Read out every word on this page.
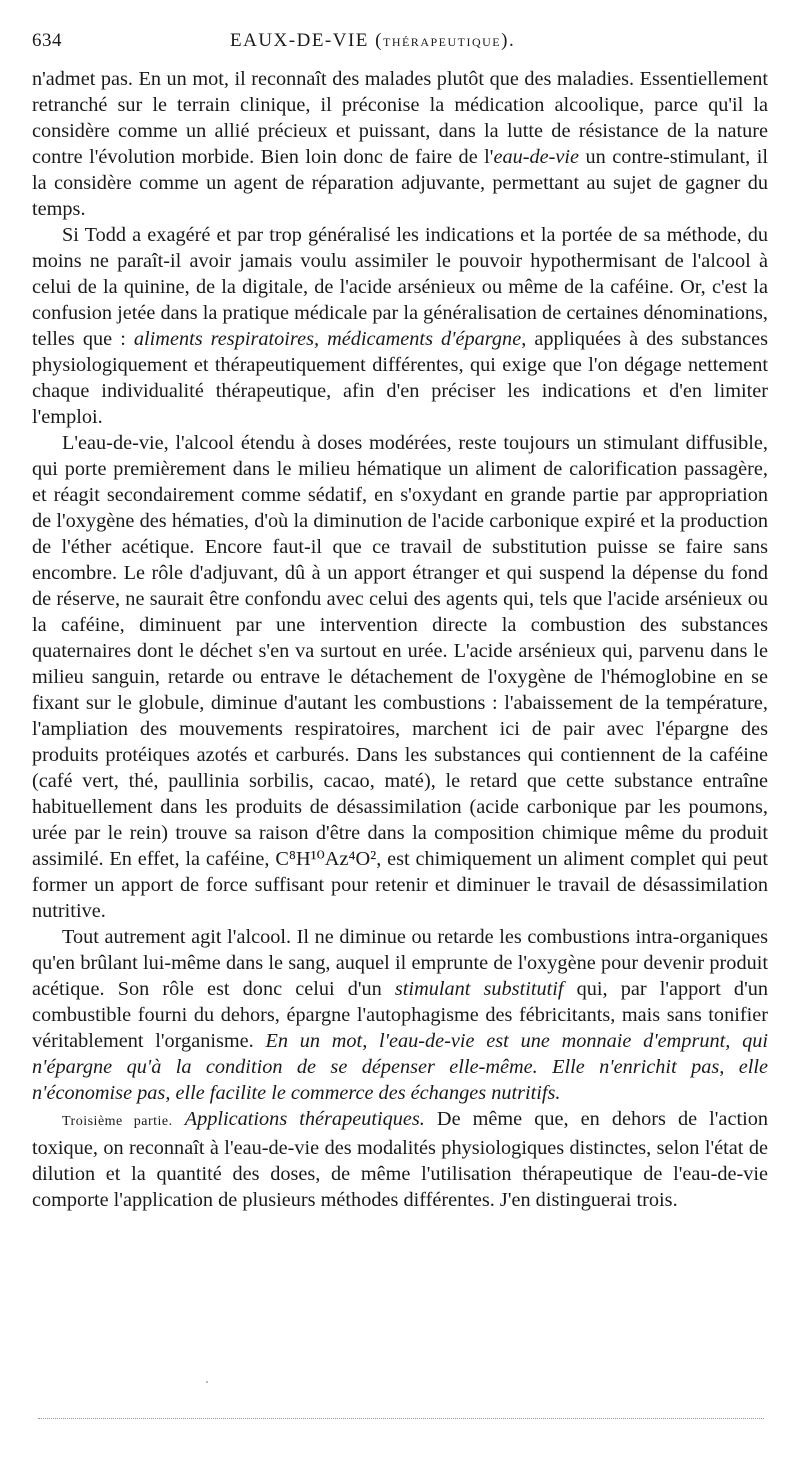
634	EAUX-DE-VIE (THÉRAPEUTIQUE).

n'admet pas. En un mot, il reconnaît des malades plutôt que des maladies. Essentiellement retranché sur le terrain clinique, il préconise la médication alcoolique, parce qu'il la considère comme un allié précieux et puissant, dans la lutte de résistance de la nature contre l'évolution morbide. Bien loin donc de faire de l'eau-de-vie un contre-stimulant, il la considère comme un agent de réparation adjuvante, permettant au sujet de gagner du temps.

Si Todd a exagéré et par trop généralisé les indications et la portée de sa méthode, du moins ne paraît-il avoir jamais voulu assimiler le pouvoir hypothermisant de l'alcool à celui de la quinine, de la digitale, de l'acide arsénieux ou même de la caféine. Or, c'est la confusion jetée dans la pratique médicale par la généralisation de certaines dénominations, telles que : aliments respiratoires, médicaments d'épargne, appliquées à des substances physiologiquement et thérapeutiquement différentes, qui exige que l'on dégage nettement chaque individualité thérapeutique, afin d'en préciser les indications et d'en limiter l'emploi.

L'eau-de-vie, l'alcool étendu à doses modérées, reste toujours un stimulant diffusible, qui porte premièrement dans le milieu hématique un aliment de calorification passagère, et réagit secondairement comme sédatif, en s'oxydant en grande partie par appropriation de l'oxygène des hématies, d'où la diminution de l'acide carbonique expiré et la production de l'éther acétique. Encore faut-il que ce travail de substitution puisse se faire sans encombre. Le rôle d'adjuvant, dû à un apport étranger et qui suspend la dépense du fond de réserve, ne saurait être confondu avec celui des agents qui, tels que l'acide arsénieux ou la caféine, diminuent par une intervention directe la combustion des substances quaternaires dont le déchet s'en va surtout en urée. L'acide arsénieux qui, parvenu dans le milieu sanguin, retarde ou entrave le détachement de l'oxygène de l'hémoglobine en se fixant sur le globule, diminue d'autant les combustions : l'abaissement de la température, l'ampliation des mouvements respiratoires, marchent ici de pair avec l'épargne des produits protéiques azotés et carburés. Dans les substances qui contiennent de la caféine (café vert, thé, paullinia sorbilis, cacao, maté), le retard que cette substance entraîne habituellement dans les produits de désassimilation (acide carbonique par les poumons, urée par le rein) trouve sa raison d'être dans la composition chimique même du produit assimilé. En effet, la caféine, C⁸H¹⁰Az⁴O², est chimiquement un aliment complet qui peut former un apport de force suffisant pour retenir et diminuer le travail de désassimilation nutritive.

Tout autrement agit l'alcool. Il ne diminue ou retarde les combustions intra-organiques qu'en brûlant lui-même dans le sang, auquel il emprunte de l'oxygène pour devenir produit acétique. Son rôle est donc celui d'un stimulant substitutif qui, par l'apport d'un combustible fourni du dehors, épargne l'autophagisme des fébricitants, mais sans tonifier véritablement l'organisme. En un mot, l'eau-de-vie est une monnaie d'emprunt, qui n'épargne qu'à la condition de se dépenser elle-même. Elle n'enrichit pas, elle n'économise pas, elle facilite le commerce des échanges nutritifs.

Troisième partie. Applications thérapeutiques. De même que, en dehors de l'action toxique, on reconnaît à l'eau-de-vie des modalités physiologiques distinctes, selon l'état de dilution et la quantité des doses, de même l'utilisation thérapeutique de l'eau-de-vie comporte l'application de plusieurs méthodes différentes. J'en distinguerai trois.
